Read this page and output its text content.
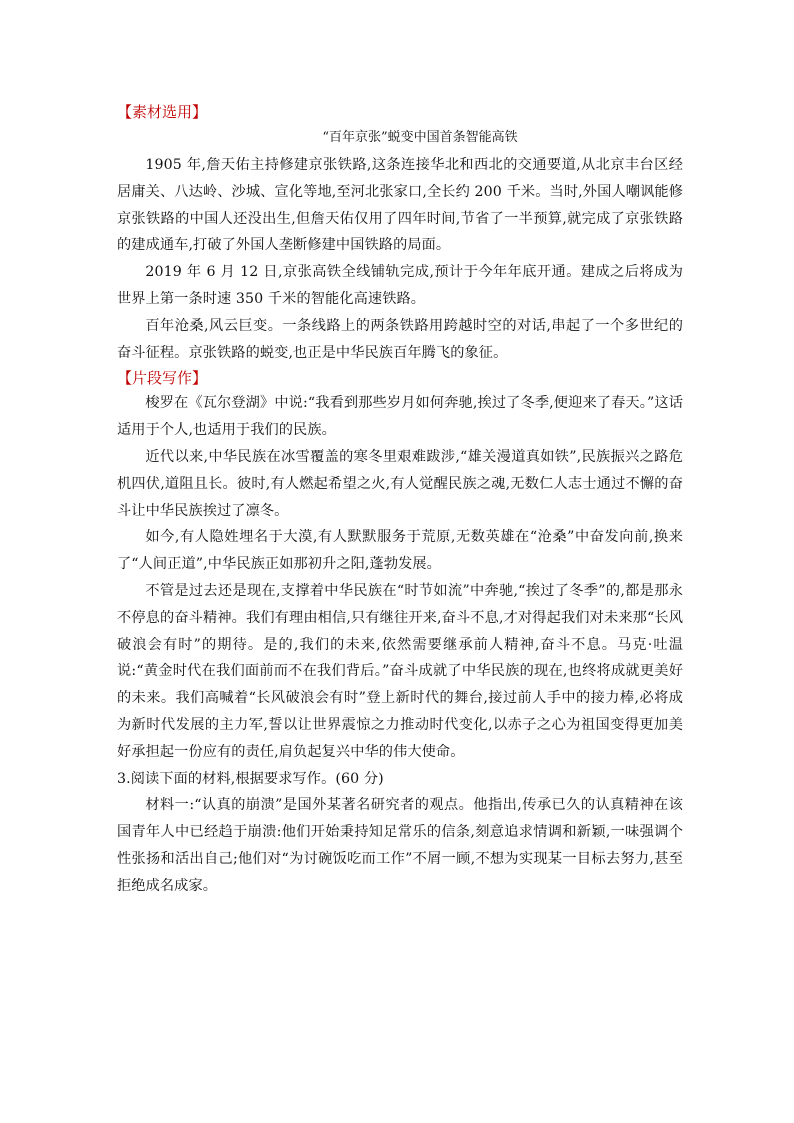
【素材选用】
“百年京张”蜕变中国首条智能高铁

1905 年,詹天佑主持修建京张铁路,这条连接华北和西北的交通要道,从北京丰台区经居庸关、八达岭、沙城、宣化等地,至河北张家口,全长约 200 千米。当时,外国人嘲讽能修京张铁路的中国人还没出生,但詹天佑仅用了四年时间,节省了一半预算,就完成了京张铁路的建成通车,打破了外国人垄断修建中国铁路的局面。

2019 年 6 月 12 日,京张高铁全线铺轨完成,预计于今年年底开通。建成之后将成为世界上第一条时速 350 千米的智能化高速铁路。

百年沧桑,风云巨变。一条线路上的两条铁路用跨越时空的对话,串起了一个多世纪的奋斗征程。京张铁路的蜕变,也正是中华民族百年腾飞的象征。

【片段写作】

梭罗在《瓦尔登湖》中说:“我看到那些岁月如何奔驰,挨过了冬季,便迎来了春天。”这话适用于个人,也适用于我们的民族。

近代以来,中华民族在冰雪覆盖的寒冬里艰难跋涉,“雄关漫道真如铁”,民族振兴之路危机四伏,道阻且长。彼时,有人燃起希望之火,有人觉醒民族之魂,无数仁人志士通过不懈的奋斗让中华民族挨过了凛冬。

如今,有人隐姓埋名于大漠,有人默默服务于荒原,无数英雄在“沧桑”中奋发向前,换来了“人间正道”,中华民族正如那初升之阳,蓬勃发展。

不管是过去还是现在,支撑着中华民族在“时节如流”中奔驰,“挨过了冬季”的,都是那永不停息的奋斗精神。我们有理由相信,只有继往开来,奋斗不息,才对得起我们对未来那“长风破浪会有时”的期待。是的,我们的未来,依然需要继承前人精神,奋斗不息。马克·吐温说:“黄金时代在我们面前而不在我们背后。”奋斗成就了中华民族的现在,也终将成就更美好的未来。我们高喊着“长风破浪会有时”登上新时代的舞台,接过前人手中的接力棒,必将成为新时代发展的主力军,誓以让世界震惊之力推动时代变化,以赤子之心为祖国变得更加美好承担起一份应有的责任,肩负起复兴中华的伟大使命。

3.阅读下面的材料,根据要求写作。(60 分)

材料一:“认真的崩溃”是国外某著名研究者的观点。他指出,传承已久的认真精神在该国青年人中已经趋于崩溃:他们开始秉持知足常乐的信条,刻意追求情调和新颖,一味强调个性张扬和活出自己;他们对“为讨碗饭吃而工作”不屑一顾,不想为实现某一目标去努力,甚至拒绝成名成家。
